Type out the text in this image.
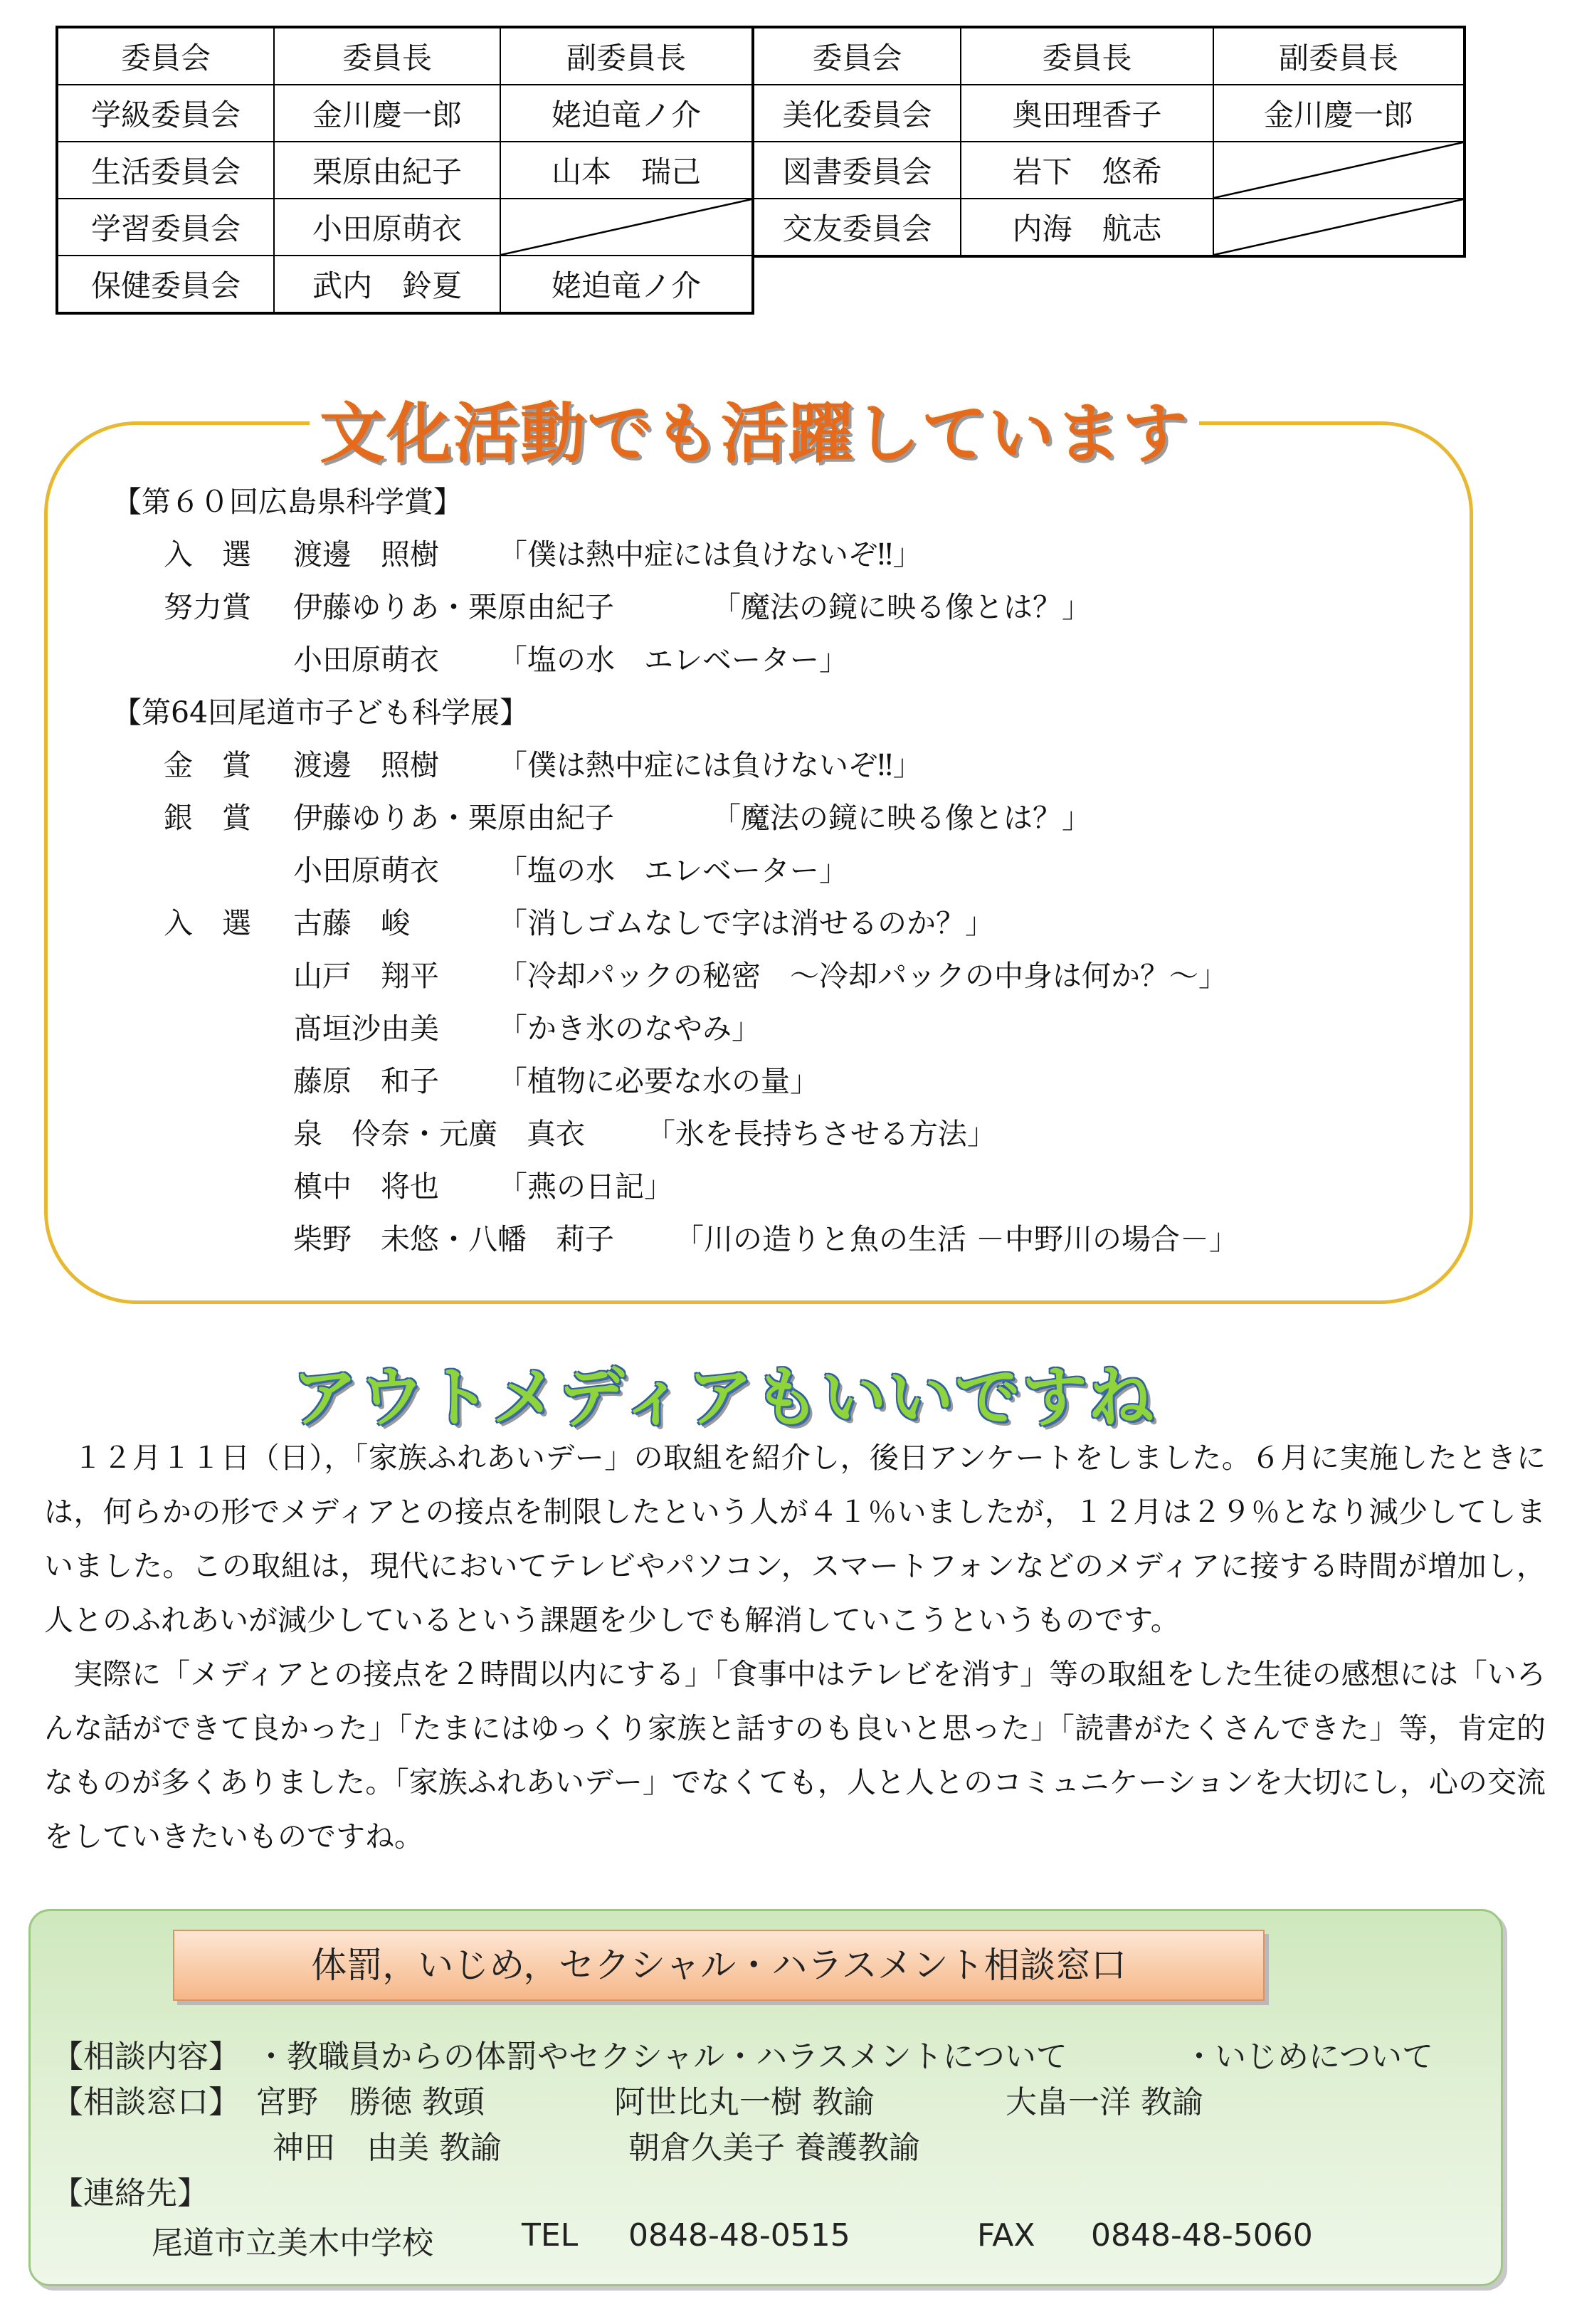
委員会	委員長	副委員長
学級委員会	金川慶一郎	姥迫竜ノ介
生活委員会	栗原由紀子	山本　瑞己
学習委員会	小田原萌衣	
保健委員会	武内　鈴夏	姥迫竜ノ介
委員会	委員長	副委員長
美化委員会	奥田理香子	金川慶一郎
図書委員会	岩下　悠希	
交友委員会	内海　航志	
文化活動でも活躍しています
【第６０回広島県科学賞】
入　選 渡邊　照樹 「僕は熱中症には負けないぞ‼」
努力賞 伊藤ゆりあ・栗原由紀子	「魔法の鏡に映る像とは？」
小田原萌衣 「塩の水　エレベーター」
【第64回尾道市子ども科学展】
金　賞 渡邊　照樹 「僕は熱中症には負けないぞ‼」
銀　賞 伊藤ゆりあ・栗原由紀子	「魔法の鏡に映る像とは？」
小田原萌衣 「塩の水　エレベーター」
入　選 古藤　峻	「消しゴムなしで字は消せるのか？」
山戸　翔平 「冷却パックの秘密　～冷却パックの中身は何か？～」
髙垣沙由美 「かき氷のなやみ」
藤原　和子 「植物に必要な水の量」
泉　伶奈・元廣　真衣 「氷を長持ちさせる方法」
槙中　将也 「燕の日記」
柴野　未悠・八幡　莉子 「川の造りと魚の生活 －中野川の場合－」
アウトメディアもいいですね

１２月１１日（日），「家族ふれあいデー」の取組を紹介し，後日アンケートをしました。６月に実施したときには，何らかの形でメディアとの接点を制限したという人が４１％いましたが，１２月は２９％となり減少してしまいました。この取組は，現代においてテレビやパソコン，スマートフォンなどのメディアに接する時間が増加し，人とのふれあいが減少しているという課題を少しでも解消していこうというものです。

実際に「メディアとの接点を２時間以内にする」「食事中はテレビを消す」等の取組をした生徒の感想には「いろんな話ができて良かった」「たまにはゆっくり家族と話すのも良いと思った」「読書がたくさんできた」等，肯定的なものが多くありました。「家族ふれあいデー」でなくても，人と人とのコミュニケーションを大切にし，心の交流をしていきたいものですね。

体罰，いじめ，セクシャル・ハラスメント相談窓口
【相談内容】 ・教職員からの体罰やセクシャル・ハラスメントについて	・いじめについて
【相談窓口】 宮野　勝徳 教頭	阿世比丸一樹 教諭	大畠一洋 教諭
神田　由美 教諭	朝倉久美子 養護教諭
【連絡先】
尾道市立美木中学校	TEL 0848-48-0515	FAX 0848-48-5060
